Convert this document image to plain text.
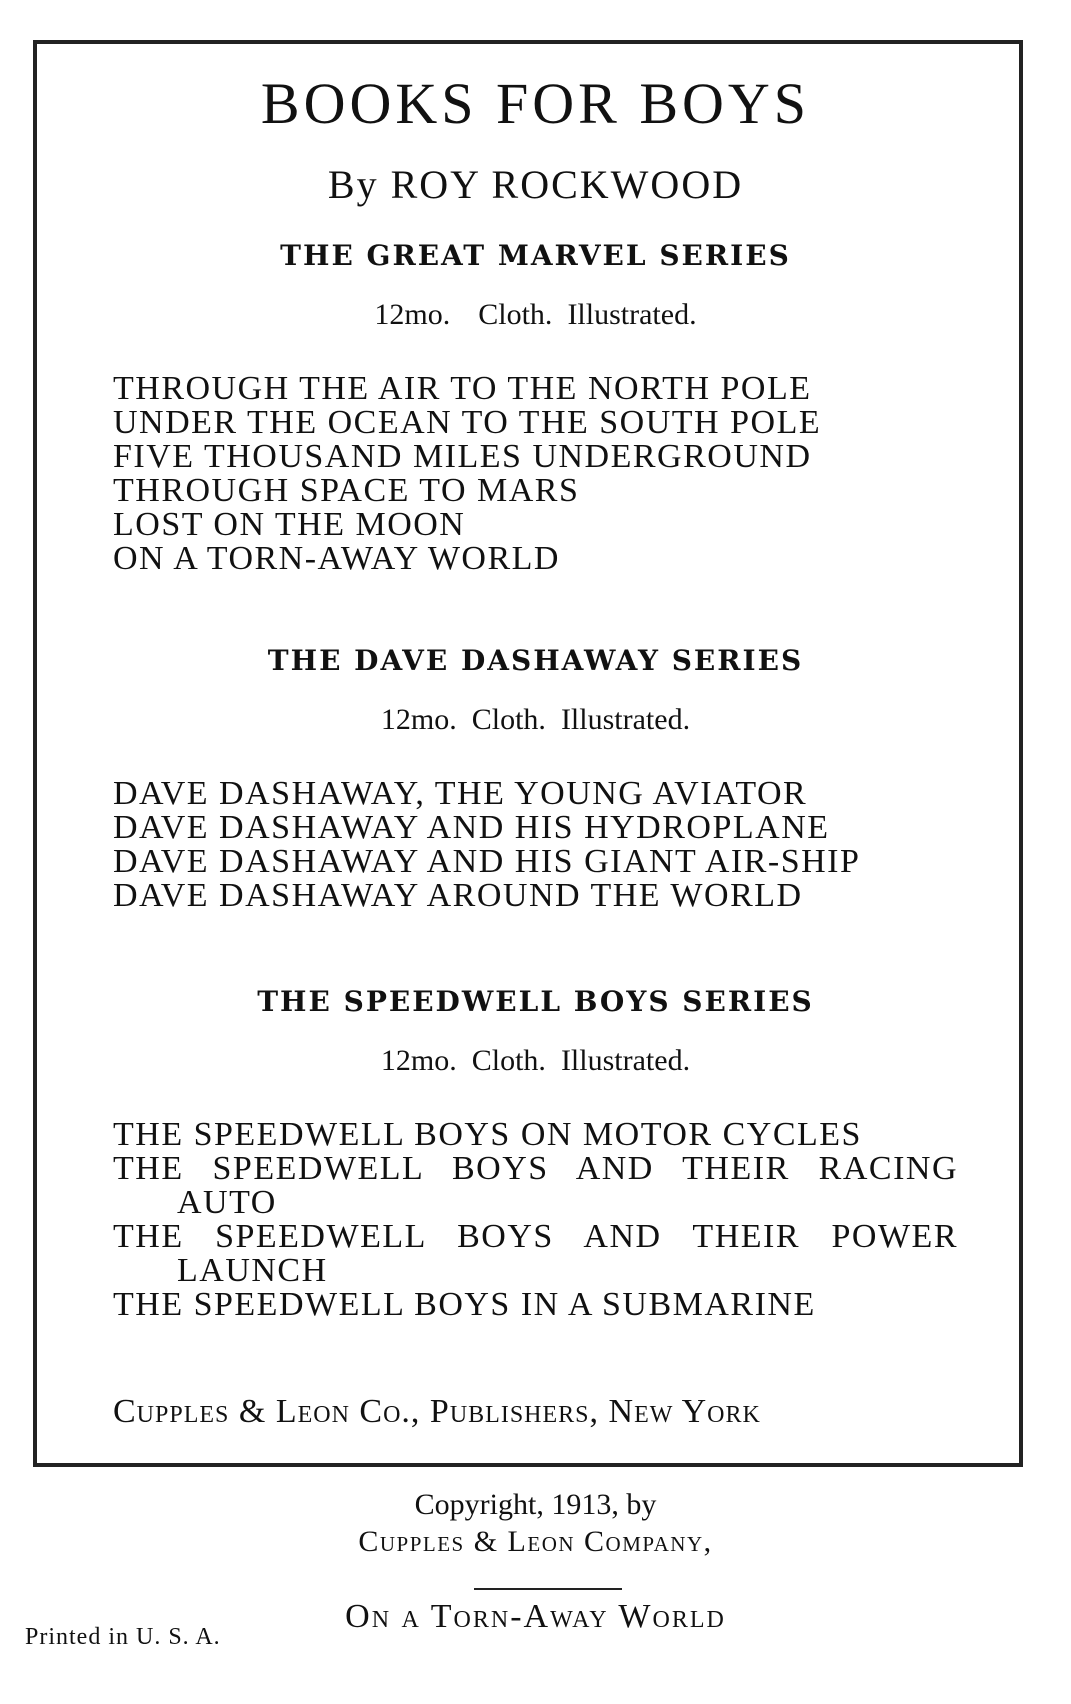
BOOKS FOR BOYS
By ROY ROCKWOOD
THE GREAT MARVEL SERIES
12mo. Cloth. Illustrated.
THROUGH THE AIR TO THE NORTH POLE
UNDER THE OCEAN TO THE SOUTH POLE
FIVE THOUSAND MILES UNDERGROUND
THROUGH SPACE TO MARS
LOST ON THE MOON
ON A TORN-AWAY WORLD
THE DAVE DASHAWAY SERIES
12mo. Cloth. Illustrated.
DAVE DASHAWAY, THE YOUNG AVIATOR
DAVE DASHAWAY AND HIS HYDROPLANE
DAVE DASHAWAY AND HIS GIANT AIR-SHIP
DAVE DASHAWAY AROUND THE WORLD
THE SPEEDWELL BOYS SERIES
12mo. Cloth. Illustrated.
THE SPEEDWELL BOYS ON MOTOR CYCLES
THE SPEEDWELL BOYS AND THEIR RACING AUTO
THE SPEEDWELL BOYS AND THEIR POWER LAUNCH
THE SPEEDWELL BOYS IN A SUBMARINE
Cupples & Leon Co., Publishers, New York
Copyright, 1913, by
Cupples & Leon Company,
On a Torn-Away World
Printed in U. S. A.
